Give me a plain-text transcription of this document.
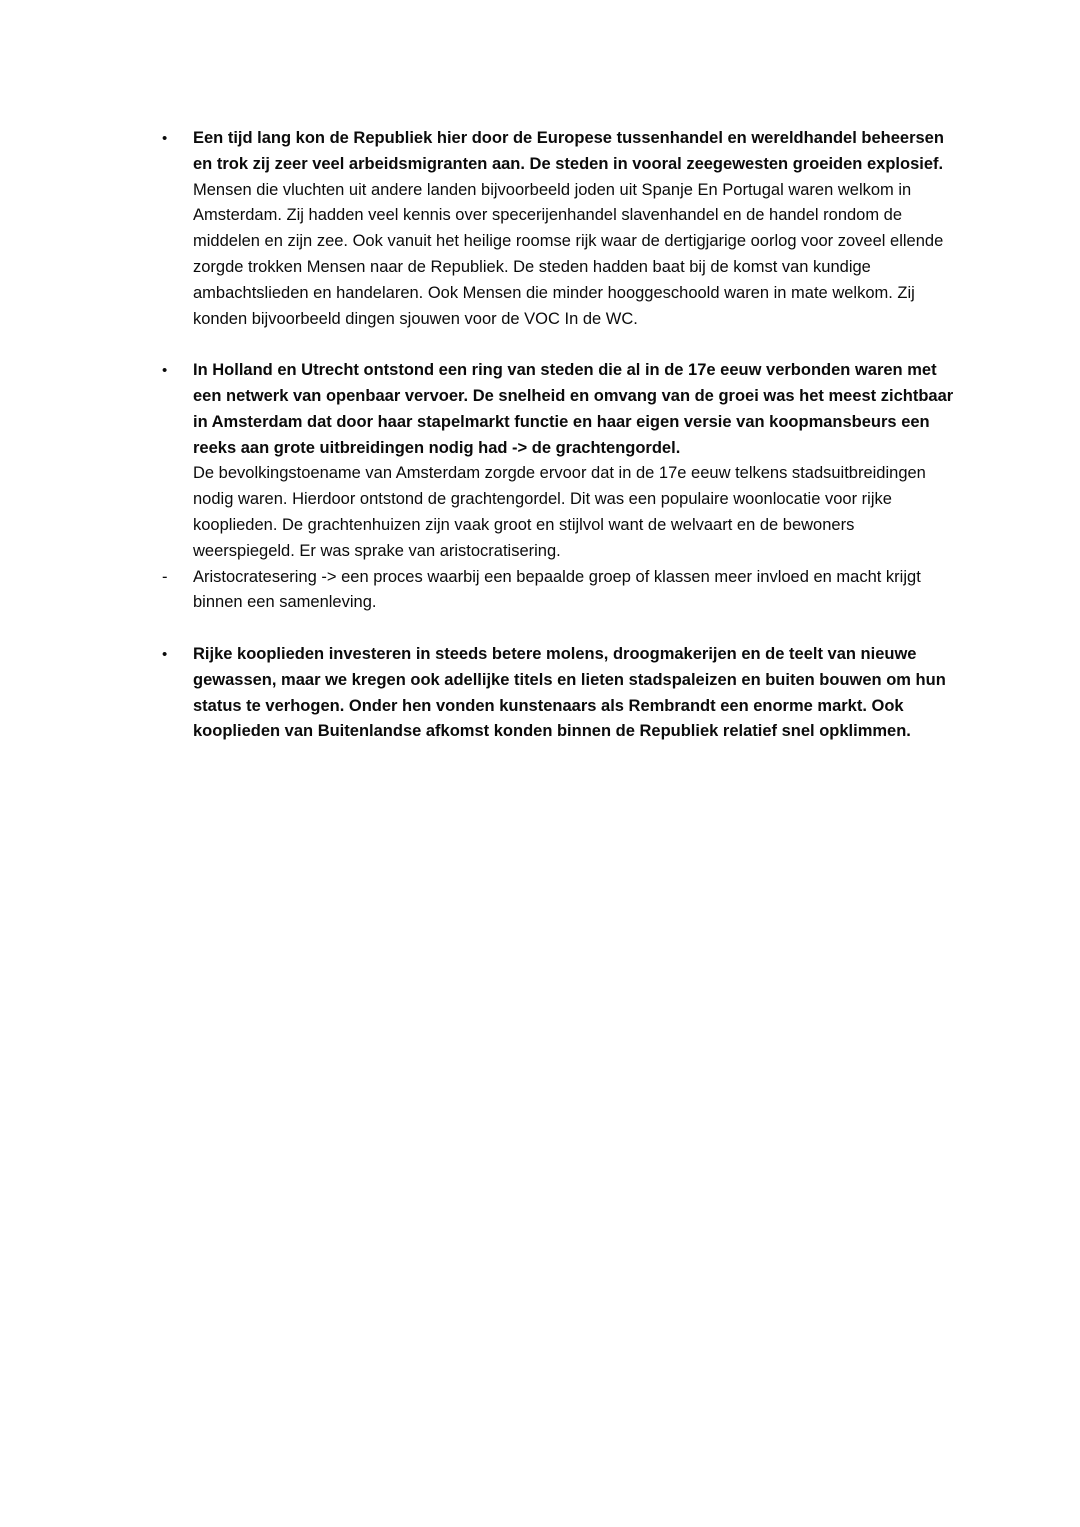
•	Een tijd lang kon de Republiek hier door de Europese tussenhandel en wereldhandel beheersen en trok zij zeer veel arbeidsmigranten aan. De steden in vooral zeegewesten groeiden explosief.

Mensen die vluchten uit andere landen bijvoorbeeld joden uit Spanje En Portugal waren welkom in Amsterdam. Zij hadden veel kennis over specerijenhandel slavenhandel en de handel rondom de middelen en zijn zee. Ook vanuit het heilige roomse rijk waar de dertigjarige oorlog voor zoveel ellende zorgde trokken Mensen naar de Republiek. De steden hadden baat bij de komst van kundige ambachtslieden en handelaren. Ook Mensen die minder hooggeschoold waren in mate welkom. Zij konden bijvoorbeeld dingen sjouwen voor de VOC In de WC.

•	In Holland en Utrecht ontstond een ring van steden die al in de 17e eeuw verbonden waren met een netwerk van openbaar vervoer. De snelheid en omvang van de groei was het meest zichtbaar in Amsterdam dat door haar stapelmarkt functie en haar eigen versie van koopmansbeurs een reeks aan grote uitbreidingen nodig had -> de grachtengordel.

De bevolkingstoename van Amsterdam zorgde ervoor dat in de 17e eeuw telkens stadsuitbreidingen nodig waren. Hierdoor ontstond de grachtengordel. Dit was een populaire woonlocatie voor rijke kooplieden. De grachtenhuizen zijn vaak groot en stijlvol want de welvaart en de bewoners weerspiegeld. Er was sprake van aristocratisering.

-	Aristocratesering -> een proces waarbij een bepaalde groep of klassen meer invloed en macht krijgt binnen een samenleving.

•	Rijke kooplieden investeren in steeds betere molens, droogmakerijen en de teelt van nieuwe gewassen, maar we kregen ook adellijke titels en lieten stadspaleizen en buiten bouwen om hun status te verhogen. Onder hen vonden kunstenaars als Rembrandt een enorme markt. Ook kooplieden van Buitenlandse afkomst konden binnen de Republiek relatief snel opklimmen.
